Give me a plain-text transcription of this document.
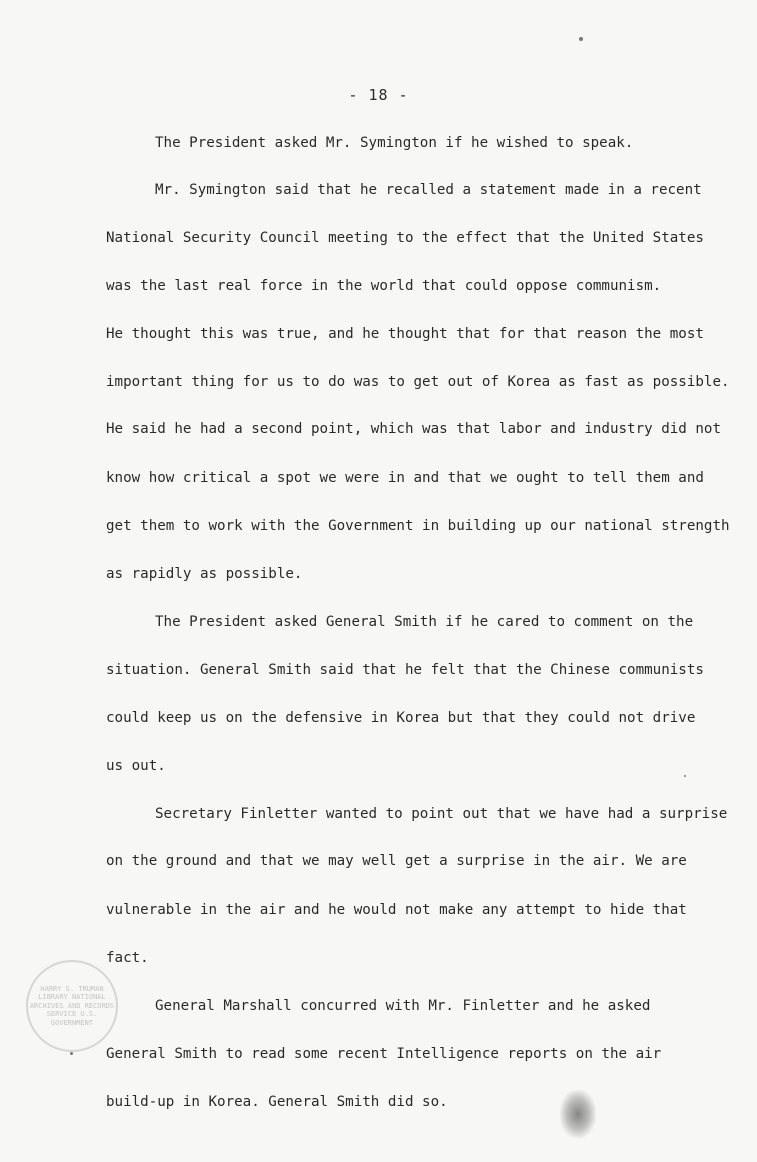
- 18 -
The President asked Mr. Symington if he wished to speak.
Mr. Symington said that he recalled a statement made in a recent
National Security Council meeting to the effect that the United States
was the last real force in the world that could oppose communism.
He thought this was true, and he thought that for that reason the most
important thing for us to do was to get out of Korea as fast as possible.
He said he had a second point, which was that labor and industry did not
know how critical a spot we were in and that we ought to tell them and
get them to work with the Government in building up our national strength
as rapidly as possible.
The President asked General Smith if he cared to comment on the
situation. General Smith said that he felt that the Chinese communists
could keep us on the defensive in Korea but that they could not drive
us out.
Secretary Finletter wanted to point out that we have had a surprise
on the ground and that we may well get a surprise in the air. We are
vulnerable in the air and he would not make any attempt to hide that
fact.
General Marshall concurred with Mr. Finletter and he asked
General Smith to read some recent Intelligence reports on the air
build-up in Korea. General Smith did so.
HARRY S. TRUMAN LIBRARY NATIONAL ARCHIVES AND RECORDS SERVICE U.S. GOVERNMENT
